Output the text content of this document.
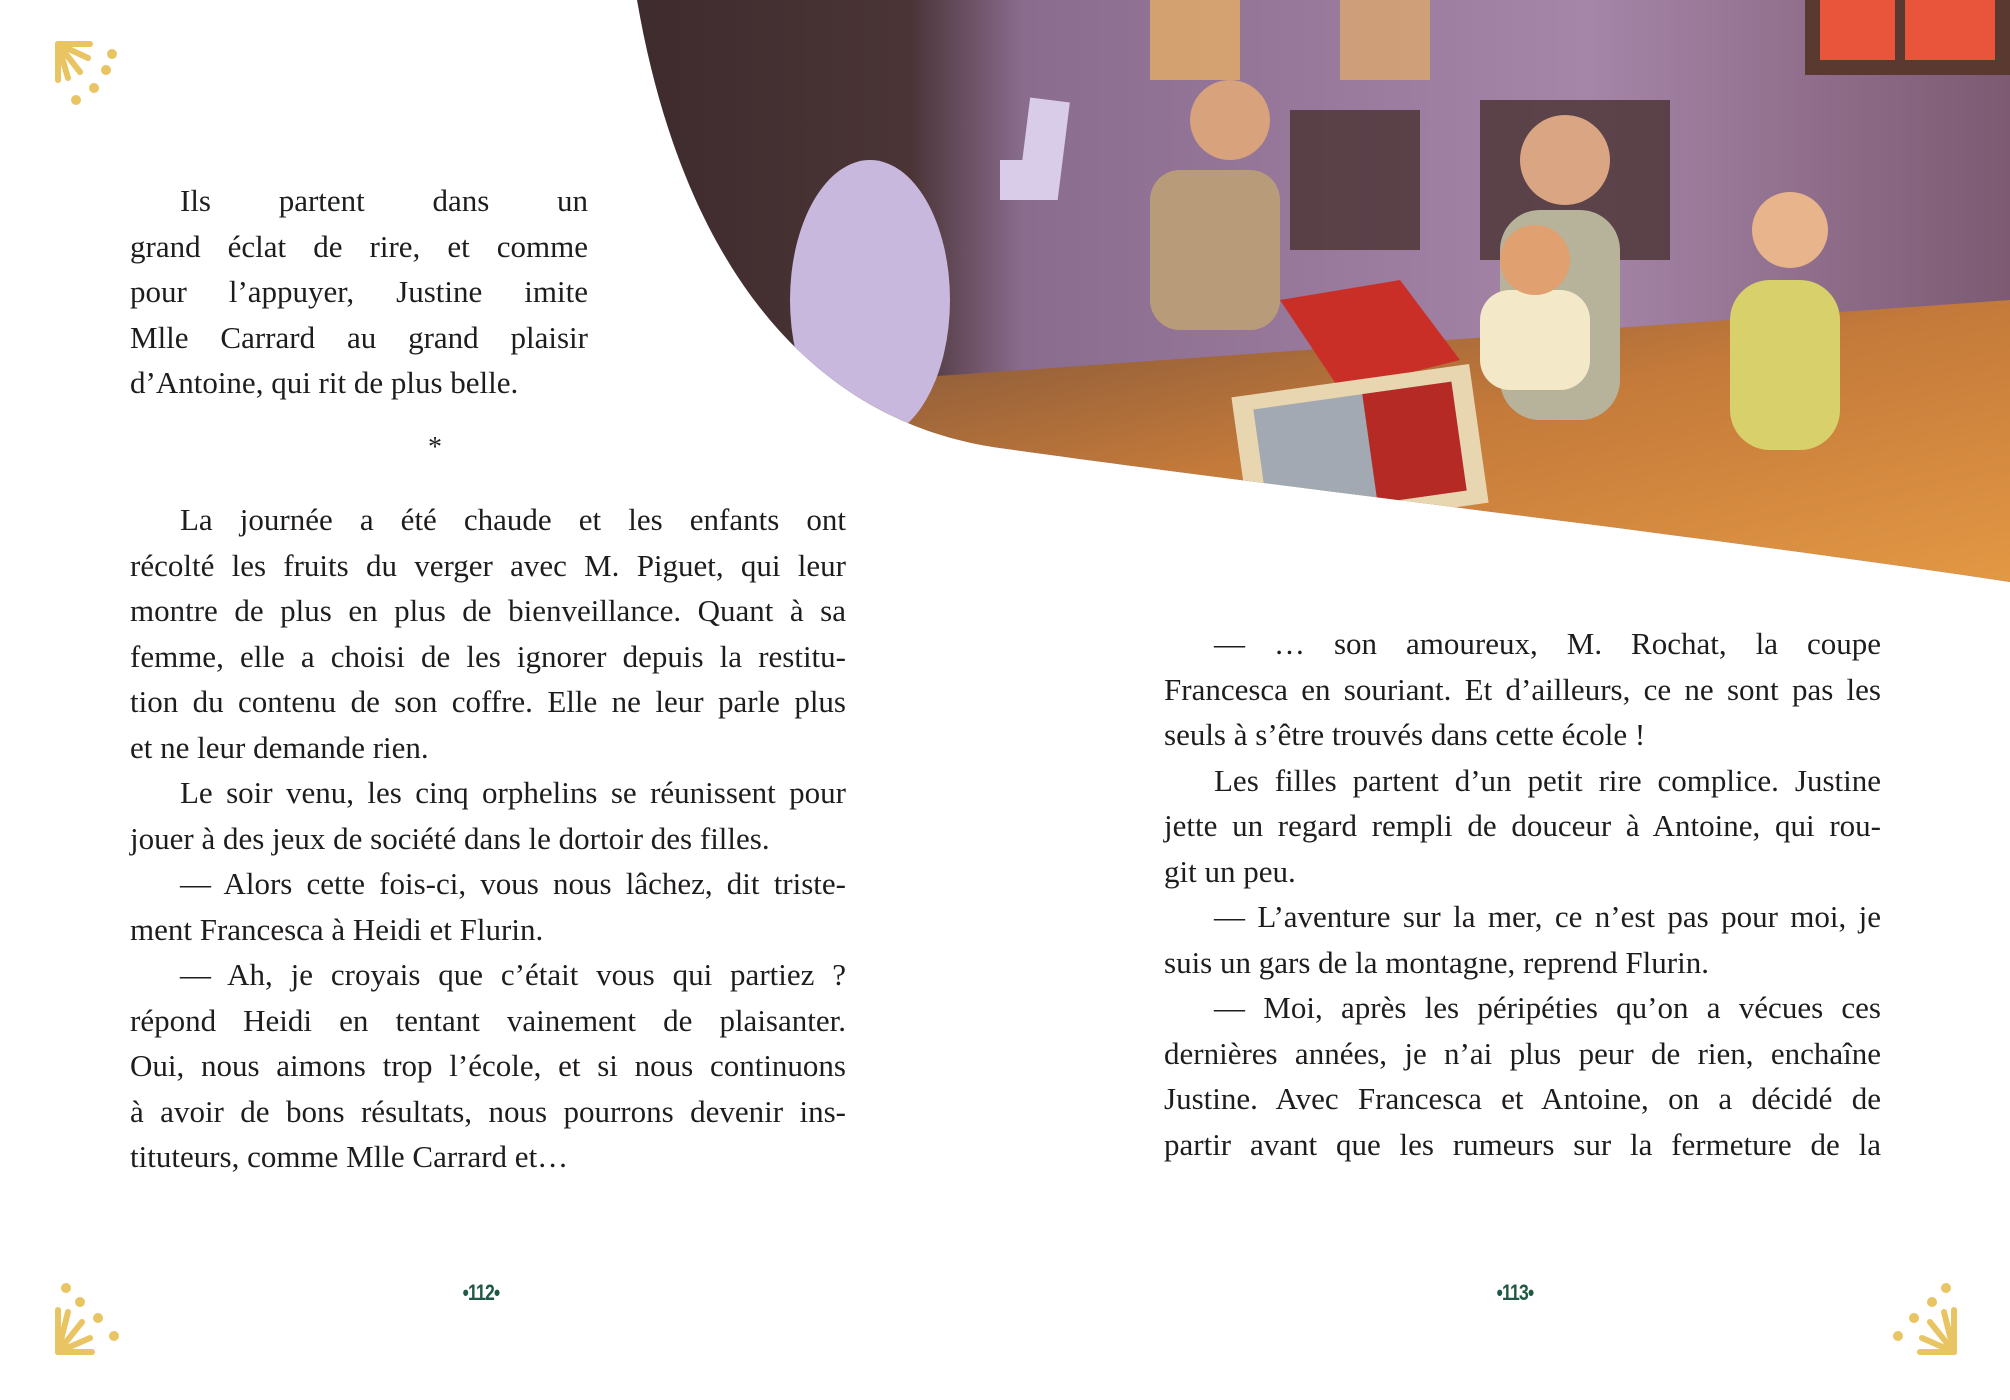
Ils partent dans un
grand éclat de rire, et comme
pour l’appuyer, Justine imite
Mlle Carrard au grand plaisir
d’Antoine, qui rit de plus belle.
*
La journée a été chaude et les enfants ont
récolté les fruits du verger avec M. Piguet, qui leur
montre de plus en plus de bienveillance. Quant à sa
femme, elle a choisi de les ignorer depuis la restitu-
tion du contenu de son coffre. Elle ne leur parle plus
et ne leur demande rien.
Le soir venu, les cinq orphelins se réunissent pour
jouer à des jeux de société dans le dortoir des filles.
— Alors cette fois-ci, vous nous lâchez, dit triste-
ment Francesca à Heidi et Flurin.
— Ah, je croyais que c’était vous qui partiez ?
répond Heidi en tentant vainement de plaisanter.
Oui, nous aimons trop l’école, et si nous continuons
à avoir de bons résultats, nous pourrons devenir ins-
tituteurs, comme Mlle Carrard et…
— … son amoureux, M. Rochat, la coupe
Francesca en souriant. Et d’ailleurs, ce ne sont pas les
seuls à s’être trouvés dans cette école !
Les filles partent d’un petit rire complice. Justine
jette un regard rempli de douceur à Antoine, qui rou-
git un peu.
— L’aventure sur la mer, ce n’est pas pour moi, je
suis un gars de la montagne, reprend Flurin.
— Moi, après les péripéties qu’on a vécues ces
dernières années, je n’ai plus peur de rien, enchaîne
Justine. Avec Francesca et Antoine, on a décidé de
partir avant que les rumeurs sur la fermeture de la
•112•	•113•
